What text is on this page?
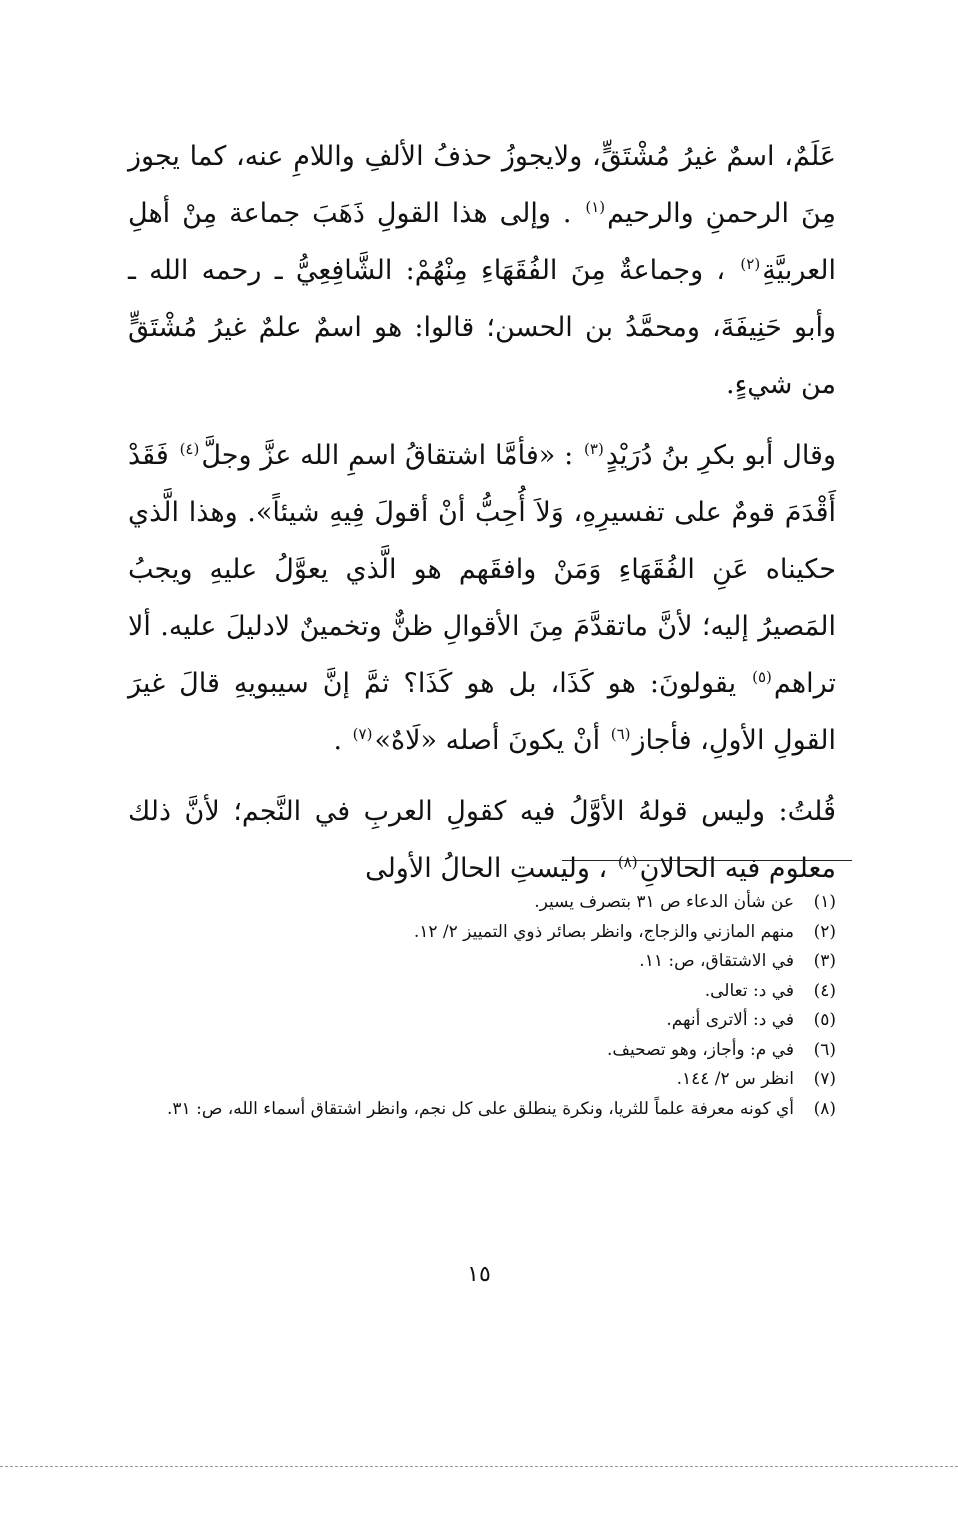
عَلَمٌ، اسمٌ غيرُ مُشْتَقٍّ، ولايجوزُ حذفُ الألفِ واللامِ عنه، كما يجوز مِنَ الرحمنِ والرحيم$^{(١)}$ . وإلى هذا القولِ ذَهَبَ جماعة مِنْ أهلِ العربيَّةِ$^{(٢)}$ ، وجماعةٌ مِنَ الفُقَهَاءِ مِنْهُمْ: الشَّافِعِيُّ ـ رحمه الله ـ وأبو حَنِيفَةَ، ومحمَّدُ بن الحسن؛ قالوا: هو اسمٌ علمٌ غيرُ مُشْتَقٍّ من شيءٍ.

وقال أبو بكرِ بنُ دُرَيْدٍ$^{(٣)}$ : «فأمَّا اشتقاقُ اسمِ الله عزَّ وجلَّ$^{(٤)}$ فَقَدْ أَقْدَمَ قومٌ على تفسيرِهِ، وَلاَ أُحِبُّ أنْ أقولَ فِيهِ شيئاً». وهذا الَّذي حكيناه عَنِ الفُقَهَاءِ وَمَنْ وافقَهم هو الَّذي يعوَّلُ عليهِ ويجبُ المَصيرُ إليه؛ لأنَّ ماتقدَّمَ مِنَ الأقوالِ ظنٌّ وتخمينٌ لادليلَ عليه. ألا تراهم$^{(٥)}$ يقولونَ: هو كَذَا، بل هو كَذَا؟ ثمَّ إنَّ سيبويهِ قالَ غيرَ القولِ الأولِ، فأجاز$^{(٦)}$ أنْ يكونَ أصله «لَاهٌ»$^{(٧)}$ .

قُلتُ: وليس قولهُ الأوَّلُ فيه كقولِ العربِ في النَّجم؛ لأنَّ ذلك معلوم فيه الحالانِ$^{(٨)}$ ، وليستِ الحالُ الأولى

(١)
عن شأن الدعاء ص ٣١ بتصرف يسير.
(٢)
منهم المازني والزجاج، وانظر بصائر ذوي التمييز ٢/ ١٢.
(٣)
في الاشتقاق، ص: ١١.
(٤)
في د: تعالى.
(٥)
في د: ألاترى أنهم.
(٦)
في م: وأجاز، وهو تصحيف.
(٧)
انظر س ٢/ ١٤٤.
(٨)
أي كونه معرفة علماً للثريا، ونكرة ينطلق على كل نجم، وانظر اشتقاق أسماء الله، ص: ٣١.
١٥
